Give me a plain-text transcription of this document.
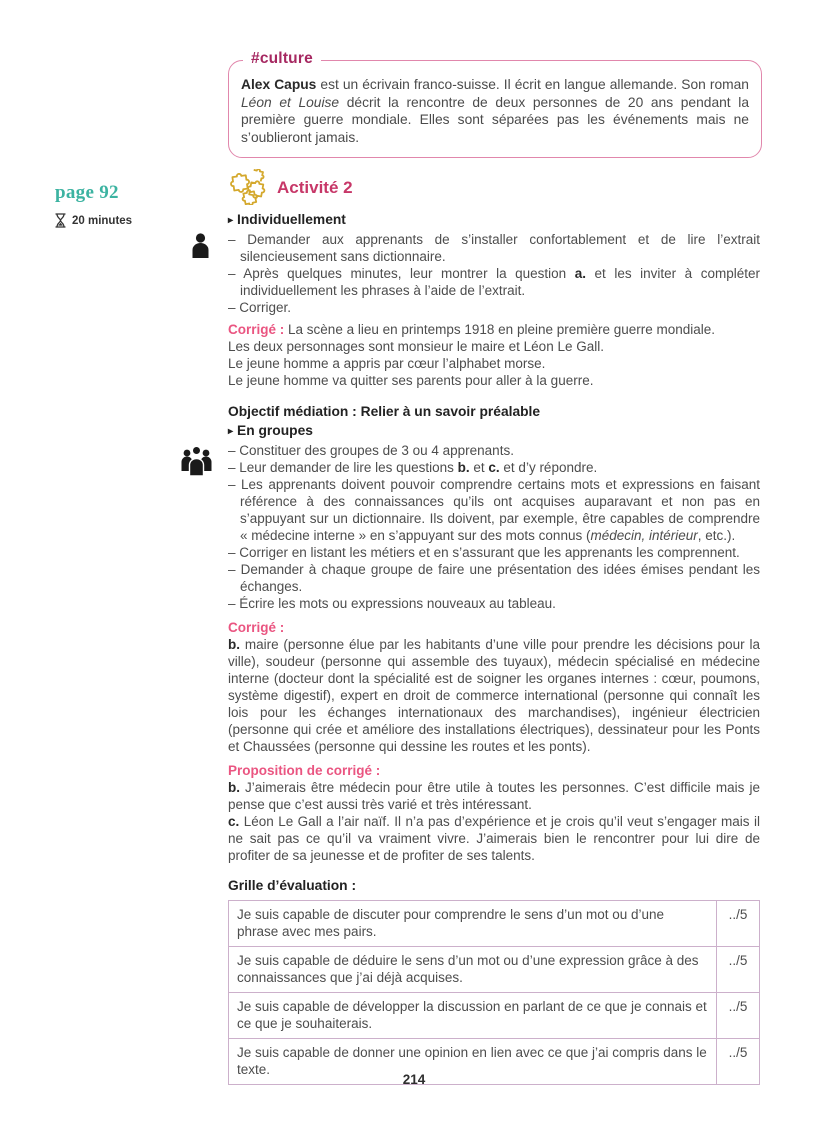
#culture

Alex Capus est un écrivain franco-suisse. Il écrit en langue allemande. Son roman Léon et Louise décrit la rencontre de deux personnes de 20 ans pendant la première guerre mondiale. Elles sont séparées pas les événements mais ne s’oublieront jamais.

page 92
20 minutes
Activité 2
▸ Individuellement
– Demander aux apprenants de s’installer confortablement et de lire l’extrait silencieusement sans dictionnaire.
– Après quelques minutes, leur montrer la question a. et les inviter à compléter individuellement les phrases à l’aide de l’extrait.
– Corriger.
Corrigé : La scène a lieu en printemps 1918 en pleine première guerre mondiale.
Les deux personnages sont monsieur le maire et Léon Le Gall.
Le jeune homme a appris par cœur l’alphabet morse.
Le jeune homme va quitter ses parents pour aller à la guerre.
Objectif médiation : Relier à un savoir préalable
▸ En groupes
– Constituer des groupes de 3 ou 4 apprenants.
– Leur demander de lire les questions b. et c. et d’y répondre.
– Les apprenants doivent pouvoir comprendre certains mots et expressions en faisant référence à des connaissances qu’ils ont acquises auparavant et non pas en s’appuyant sur un dictionnaire. Ils doivent, par exemple, être capables de comprendre « médecine interne » en s’appuyant sur des mots connus (médecin, intérieur, etc.).
– Corriger en listant les métiers et en s’assurant que les apprenants les comprennent.
– Demander à chaque groupe de faire une présentation des idées émises pendant les échanges.
– Écrire les mots ou expressions nouveaux au tableau.
Corrigé :

b. maire (personne élue par les habitants d’une ville pour prendre les décisions pour la ville), soudeur (personne qui assemble des tuyaux), médecin spécialisé en médecine interne (docteur dont la spécialité est de soigner les organes internes : cœur, poumons, système digestif), expert en droit de commerce international (personne qui connaît les lois pour les échanges internationaux des marchandises), ingénieur électricien (personne qui crée et améliore des installations électriques), dessinateur pour les Ponts et Chaussées (personne qui dessine les routes et les ponts).

Proposition de corrigé :

b. J’aimerais être médecin pour être utile à toutes les personnes. C’est difficile mais je pense que c’est aussi très varié et très intéressant.

c. Léon Le Gall a l’air naïf. Il n’a pas d’expérience et je crois qu’il veut s’engager mais il ne sait pas ce qu’il va vraiment vivre. J’aimerais bien le rencontrer pour lui dire de profiter de sa jeunesse et de profiter de ses talents.

Grille d’évaluation :
Je suis capable de discuter pour comprendre le sens d’un mot ou d’une phrase avec mes pairs.	../5
Je suis capable de déduire le sens d’un mot ou d’une expression grâce à des connaissances que j’ai déjà acquises.	../5
Je suis capable de développer la discussion en parlant de ce que je connais et ce que je souhaiterais.	../5
Je suis capable de donner une opinion en lien avec ce que j’ai compris dans le texte.	../5
214
